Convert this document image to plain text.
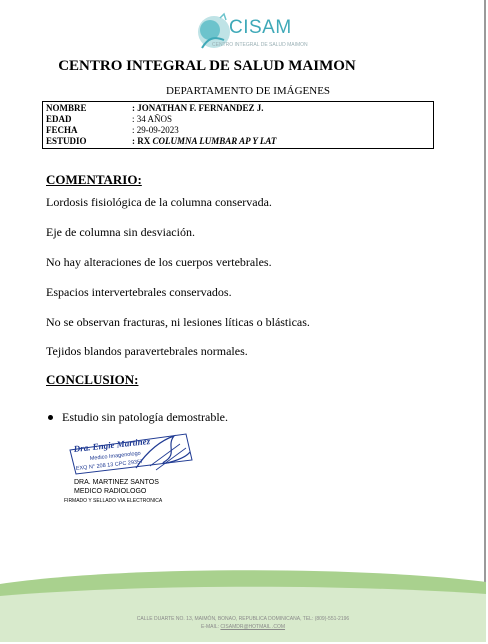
CISAM
CENTRO INTEGRAL DE SALUD MAIMON
CENTRO INTEGRAL DE SALUD MAIMON
DEPARTAMENTO DE IMÁGENES
NOMBRE	: JONATHAN F. FERNANDEZ J.
EDAD	: 34 AÑOS
FECHA	: 29-09-2023
ESTUDIO	: RX COLUMNA LUMBAR AP Y LAT
COMENTARIO:
Lordosis fisiológica de la columna conservada.
Eje de columna sin desviación.
No hay alteraciones de los cuerpos vertebrales.
Espacios intervertebrales conservados.
No se observan fracturas, ni lesiones líticas o blásticas.
Tejidos blandos paravertebrales normales.
CONCLUSION:
Estudio sin patología demostrable.
Dra. Engie Martinez
Medico Imagenologo
EXQ N° 208 13 CPC 29357
DRA. MARTINEZ SANTOS
MEDICO RADIOLOGO
FIRMADO Y SELLADO VIA ELECTRONICA
CALLE DUARTE NO. 13, MAIMÓN, BONAO, REPUBLICA DOMINICANA, TEL: (809)-551-2196
E-MAIL: CISAMDR@HOTMAIL .COM
